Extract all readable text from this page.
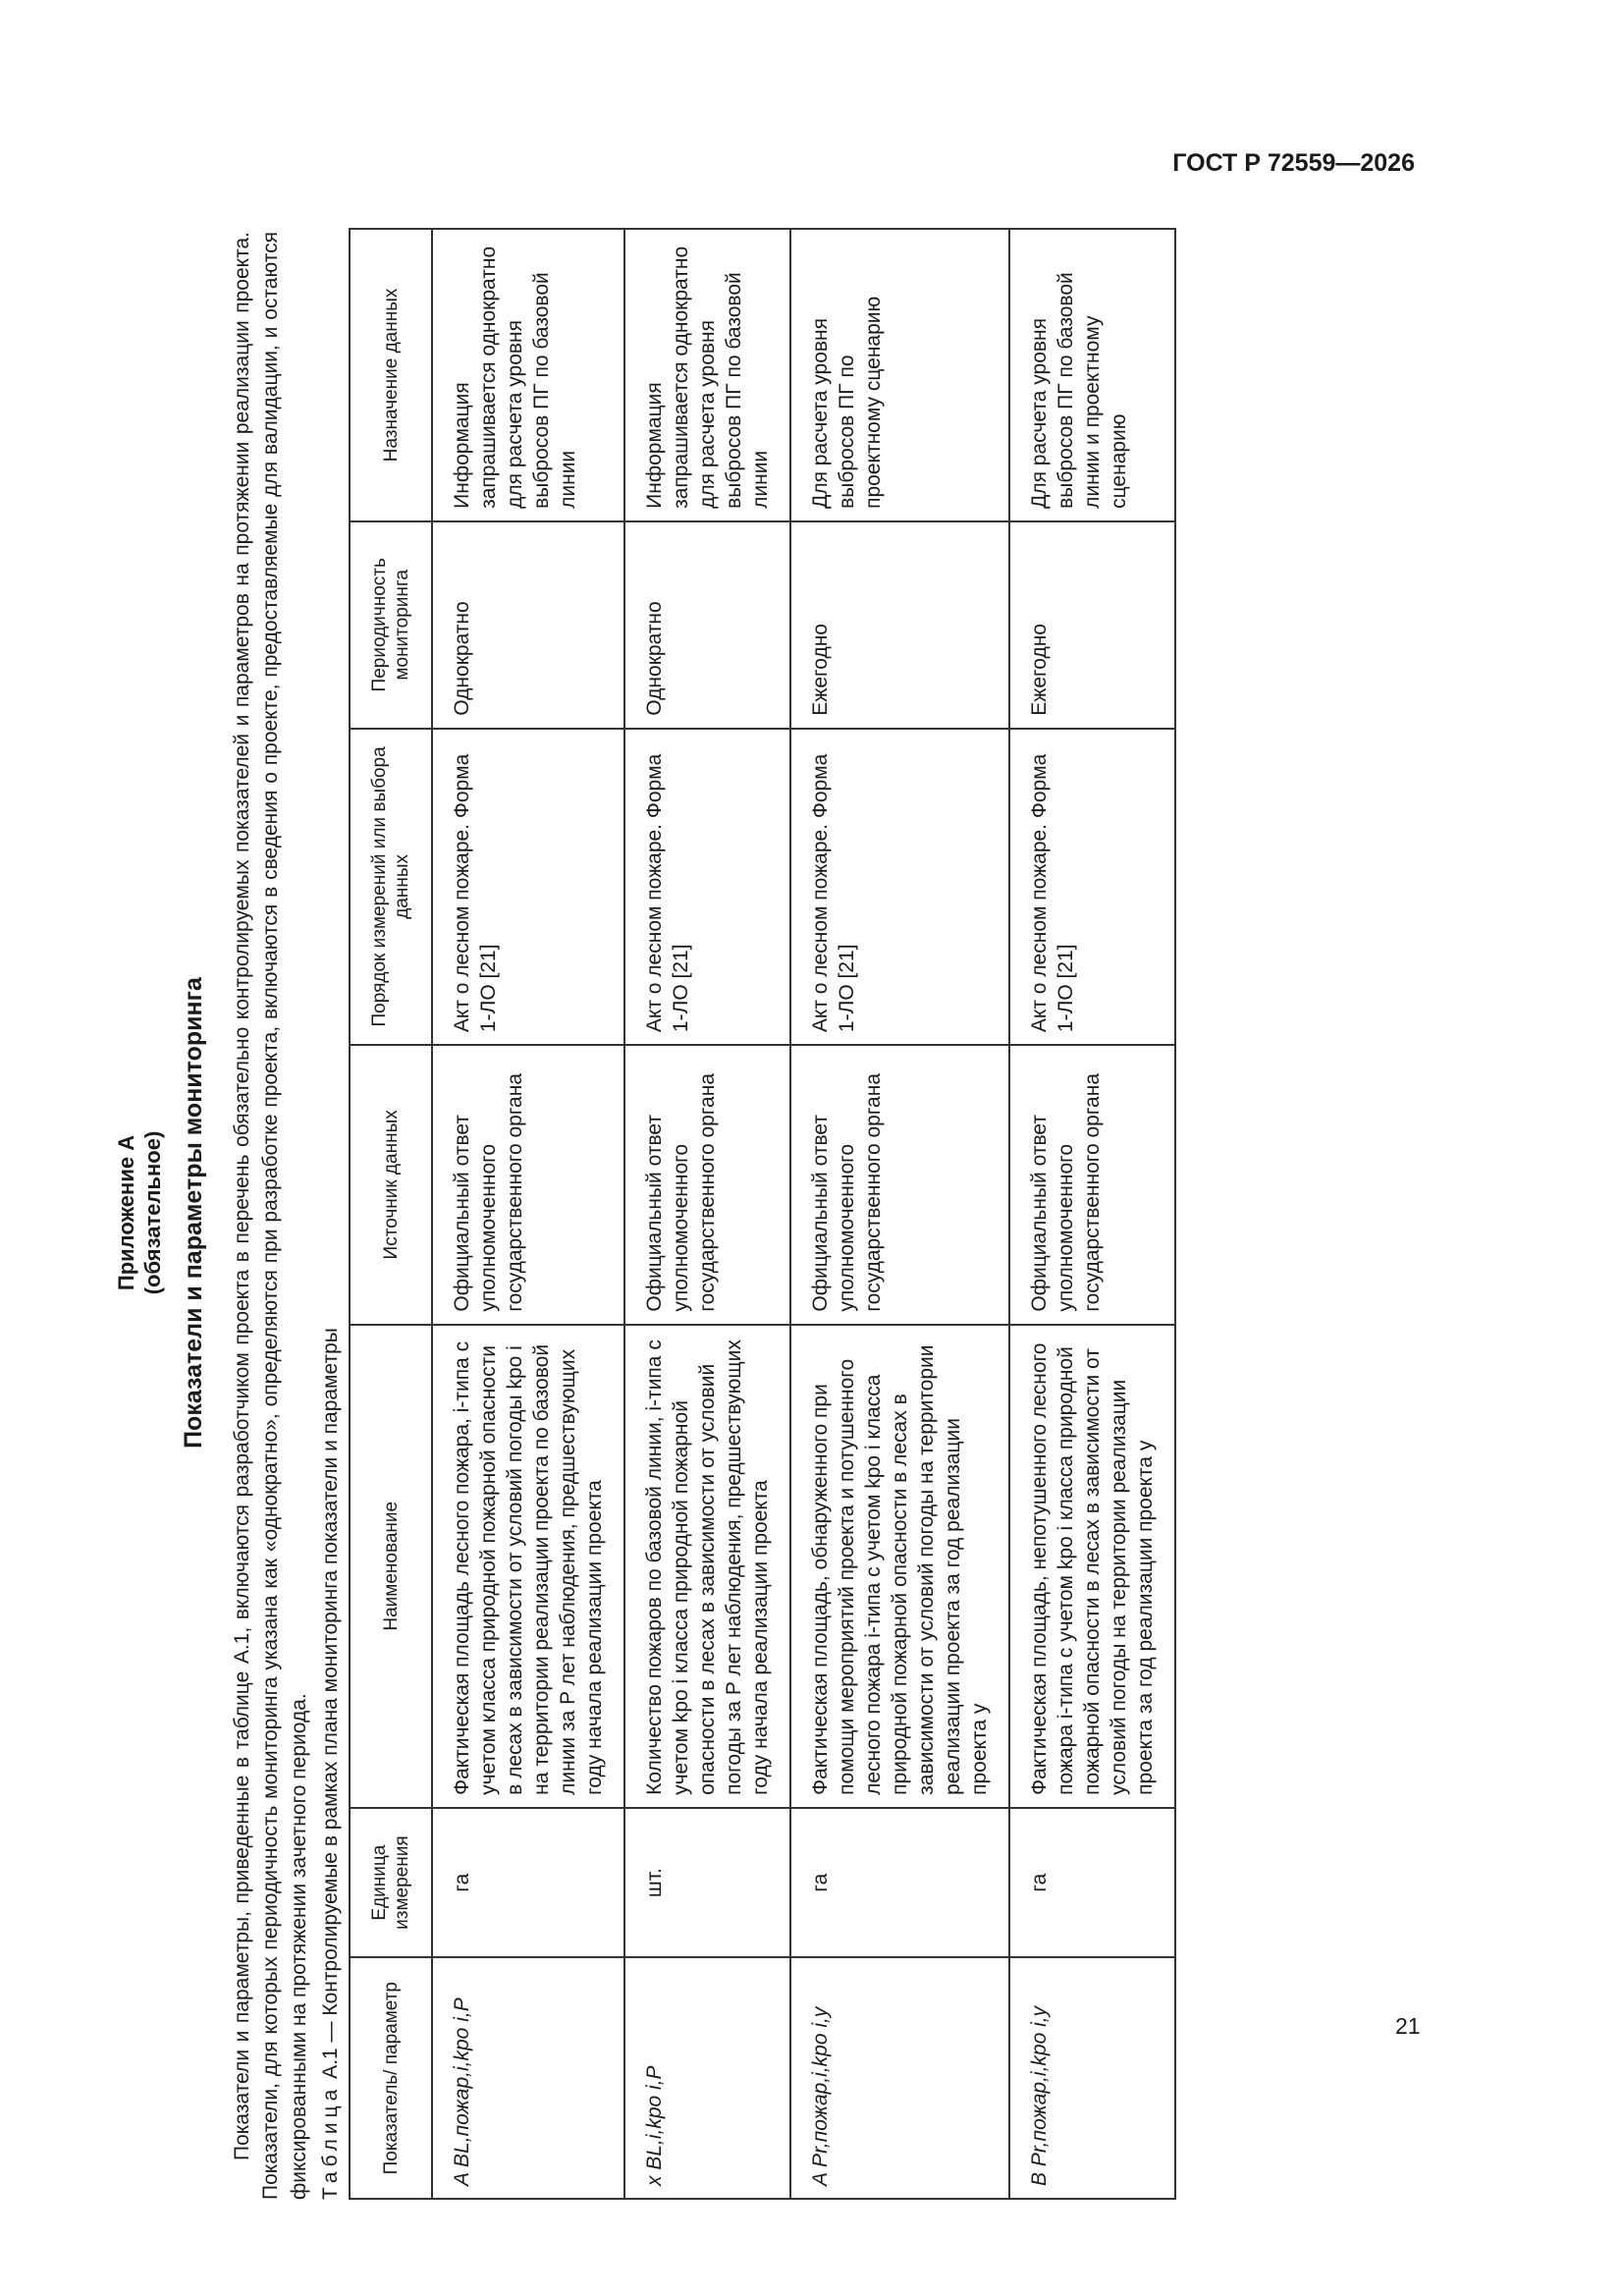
ГОСТ Р 72559—2026
Приложение А (обязательное) Показатели и параметры мониторинга Показатели и параметры, приведенные в таблице А.1, включаются разработчиком проекта в перечень обязательно контролируемых показателей и параметров на протяжении реализации проекта. Показатели, для которых периодичность мониторинга указана как «однократно», определяются при разработке проекта, включаются в сведения о проекте, предоставляемые для валидации, и остаются фиксированными на протяжении зачетного периода. Таблица А.1 — Контролируемые в рамках плана мониторинга показатели и параметры Показатель/ параметр	Единица измерения	Наименование	Источник данных	Порядок измерений или выбора данных	Периодичность мониторинга	Назначение данных
A BL,пожар,i,kpo i,P	га	Фактическая площадь лесного пожара, i-типа с учетом класса природной пожарной опасности в лесах в зависимости от условий погоды kpo i на территории реализации проекта по базовой линии за P лет наблюдения, предшествующих году начала реализации проекта	Официальный ответ уполномоченного государственного органа	Акт о лесном пожаре. Форма 1-ЛО [21]	Однократно	Информация запрашивается однократно для расчета уровня выбросов ПГ по базовой линии
x BL,i,kpo i,P	шт.	Количество пожаров по базовой линии, i-типа с учетом kpo i класса природной пожарной опасности в лесах в зависимости от условий погоды за P лет наблюдения, предшествующих году начала реализации проекта	Официальный ответ уполномоченного государственного органа	Акт о лесном пожаре. Форма 1-ЛО [21]	Однократно	Информация запрашивается однократно для расчета уровня выбросов ПГ по базовой линии
A Pr,пожар,i,kpo i,y	га	Фактическая площадь, обнаруженного при помощи мероприятий проекта и потушенного лесного пожара i-типа с учетом kpo i класса природной пожарной опасности в лесах в зависимости от условий погоды на территории реализации проекта за год реализации проекта y	Официальный ответ уполномоченного государственного органа	Акт о лесном пожаре. Форма 1-ЛО [21]	Ежегодно	Для расчета уровня выбросов ПГ по проектному сценарию
B Pr,пожар,i,kpo i,y	га	Фактическая площадь, непотушенного лесного пожара i-типа с учетом kpo i класса природной пожарной опасности в лесах в зависимости от условий погоды на территории реализации проекта за год реализации проекта y	Официальный ответ уполномоченного государственного органа	Акт о лесном пожаре. Форма 1-ЛО [21]	Ежегодно	Для расчета уровня выбросов ПГ по базовой линии и проектному сценарию
21
